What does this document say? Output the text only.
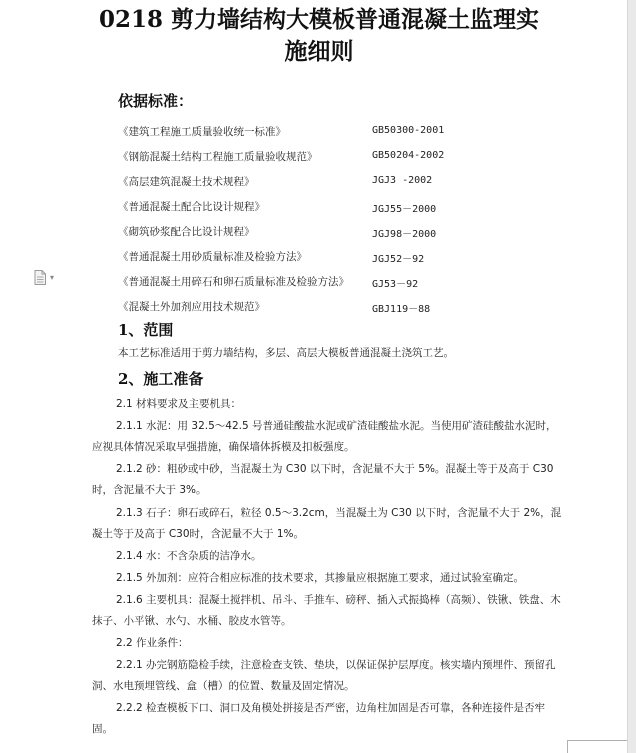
0218 剪力墙结构大模板普通混凝土监理实
施细则
依据标准：
《建筑工程施工质量验收统一标准》	GB50300-2001
《钢筋混凝土结构工程施工质量验收规范》	GB50204-2002
《高层建筑混凝土技术规程》	JGJ3 -2002
《普通混凝土配合比设计规程》	JGJ55－2000
《砌筑砂浆配合比设计规程》	JGJ98－2000
《普通混凝土用砂质量标准及检验方法》	JGJ52－92
《普通混凝土用碎石和卵石质量标准及检验方法》 GJ53－92
《混凝土外加剂应用技术规范》	GBJ119－88
1、范围
本工艺标准适用于剪力墙结构，多层、高层大模板普通混凝土浇筑工艺。
2、施工准备
2.1 材料要求及主要机具：
2.1.1 水泥：用 32.5～42.5 号普通硅酸盐水泥或矿渣硅酸盐水泥。当使用矿渣硅酸盐水泥时，应视具体情况采取早强措施，确保墙体拆模及扣板强度。
2.1.2 砂：粗砂或中砂，当混凝土为 C30 以下时，含泥量不大于 5%。混凝土等于及高于 C30 时，含泥量不大于 3%。
2.1.3 石子：卵石或碎石，粒径 0.5～3.2cm，当混凝土为 C30 以下时，含泥量不大于 2%，混凝土等于及高于 C30时，含泥量不大于 1%。
2.1.4 水：不含杂质的洁净水。
2.1.5 外加剂：应符合相应标准的技术要求，其掺量应根据施工要求，通过试验室确定。
2.1.6 主要机具：混凝土搅拌机、吊斗、手推车、磅秤、插入式振捣棒（高频）、铁锹、铁盘、木抹子、小平锹、水勺、水桶、胶皮水管等。
2.2 作业条件：
2.2.1 办完钢筋隐检手续，注意检查支铁、垫块，以保证保护层厚度。核实墙内预埋件、预留孔洞、水电预埋管线、盒（槽）的位置、数量及固定情况。
2.2.2 检查模板下口、洞口及角模处拼接是否严密，边角柱加固是否可靠，各种连接件是否牢固。
▾
